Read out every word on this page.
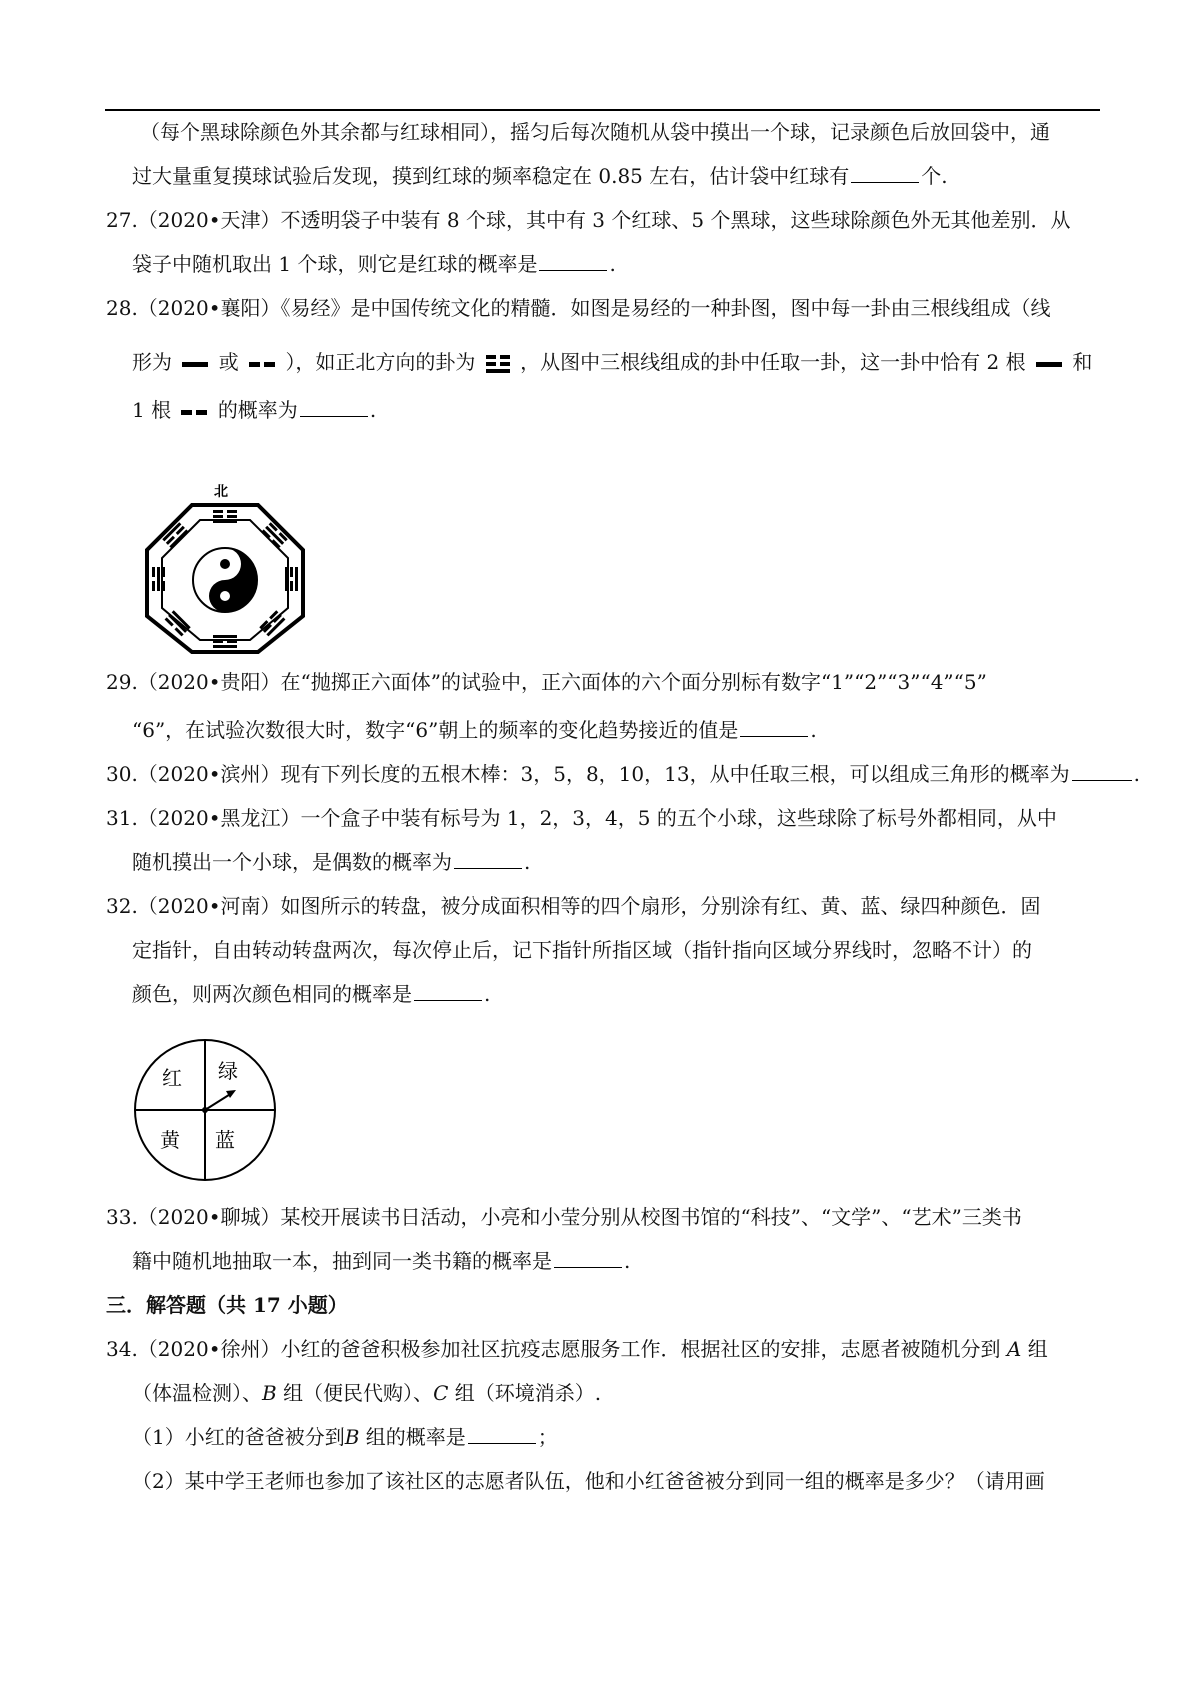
（每个黑球除颜色外其余都与红球相同），摇匀后每次随机从袋中摸出一个球，记录颜色后放回袋中，通
过大量重复摸球试验后发现，摸到红球的频率稳定在 0.85 左右，估计袋中红球有	个.
27.（2020•天津）不透明袋子中装有 8 个球，其中有 3 个红球、5 个黑球，这些球除颜色外无其他差别．从
袋子中随机取出 1 个球，则它是红球的概率是	.
28.（2020•襄阳）《易经》是中国传统文化的精髓．如图是易经的一种卦图，图中每一卦由三根线组成（线
形为 或 ），如正北方向的卦为 ，从图中三根线组成的卦中任取一卦，这一卦中恰有 2 根 和
1 根 的概率为	.
北
29.（2020•贵阳）在“抛掷正六面体”的试验中，正六面体的六个面分别标有数字“1”“2”“3”“4”“5”
“6”，在试验次数很大时，数字“6”朝上的频率的变化趋势接近的值是	.
30.（2020•滨州）现有下列长度的五根木棒：3，5，8，10，13，从中任取三根，可以组成三角形的概率为	.
31.（2020•黑龙江）一个盒子中装有标号为 1，2，3，4，5 的五个小球，这些球除了标号外都相同，从中
随机摸出一个小球，是偶数的概率为	.
32.（2020•河南）如图所示的转盘，被分成面积相等的四个扇形，分别涂有红、黄、蓝、绿四种颜色．固
定指针，自由转动转盘两次，每次停止后，记下指针所指区域（指针指向区域分界线时，忽略不计）的
颜色，则两次颜色相同的概率是	.
红 绿
黄 蓝
33.（2020•聊城）某校开展读书日活动，小亮和小莹分别从校图书馆的“科技”、“文学”、“艺术”三类书
籍中随机地抽取一本，抽到同一类书籍的概率是	.
三．解答题（共 17 小题）
34.（2020•徐州）小红的爸爸积极参加社区抗疫志愿服务工作．根据社区的安排，志愿者被随机分到 A 组
（体温检测）、B 组（便民代购）、C 组（环境消杀）.
（1）小红的爸爸被分到B 组的概率是	；
（2）某中学王老师也参加了该社区的志愿者队伍，他和小红爸爸被分到同一组的概率是多少？（请用画
